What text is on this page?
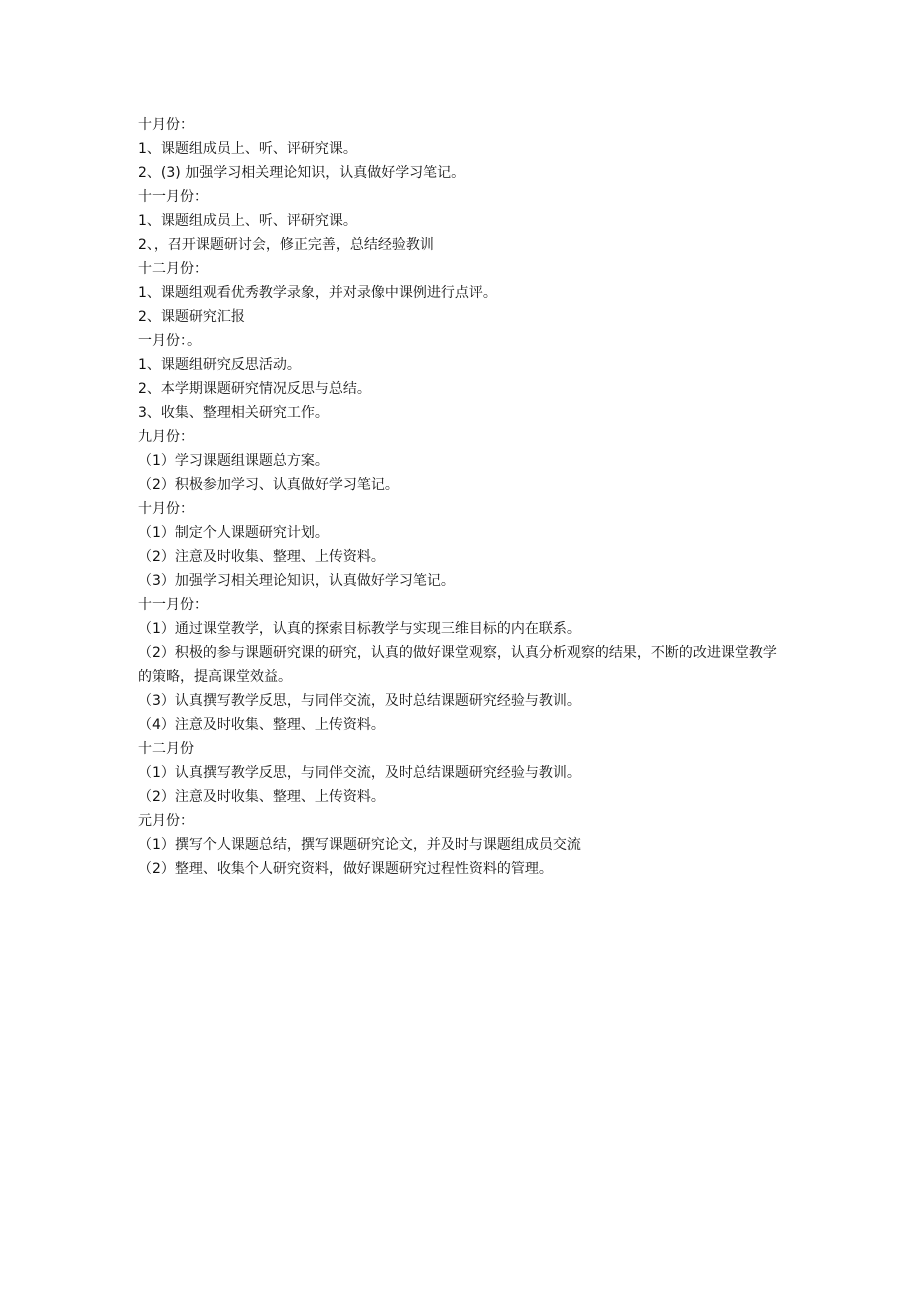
十月份：

1、课题组成员上、听、评研究课。

2、(3) 加强学习相关理论知识，认真做好学习笔记。

十一月份：

1、课题组成员上、听、评研究课。

2、，召开课题研讨会，修正完善，总结经验教训

十二月份：

1、课题组观看优秀教学录象，并对录像中课例进行点评。

2、课题研究汇报

一月份：。

1、课题组研究反思活动。

2、本学期课题研究情况反思与总结。

3、收集、整理相关研究工作。

九月份：

（1）学习课题组课题总方案。

（2）积极参加学习、认真做好学习笔记。

十月份：

（1）制定个人课题研究计划。

（2）注意及时收集、整理、上传资料。

（3）加强学习相关理论知识，认真做好学习笔记。

十一月份：

（1）通过课堂教学，认真的探索目标教学与实现三维目标的内在联系。

（2）积极的参与课题研究课的研究，认真的做好课堂观察，认真分析观察的结果，不断的改进课堂教学的策略，提高课堂效益。

（3）认真撰写教学反思，与同伴交流，及时总结课题研究经验与教训。

（4）注意及时收集、整理、上传资料。

十二月份

（1）认真撰写教学反思，与同伴交流，及时总结课题研究经验与教训。

（2）注意及时收集、整理、上传资料。

元月份：

（1）撰写个人课题总结，撰写课题研究论文，并及时与课题组成员交流

（2）整理、收集个人研究资料，做好课题研究过程性资料的管理。
